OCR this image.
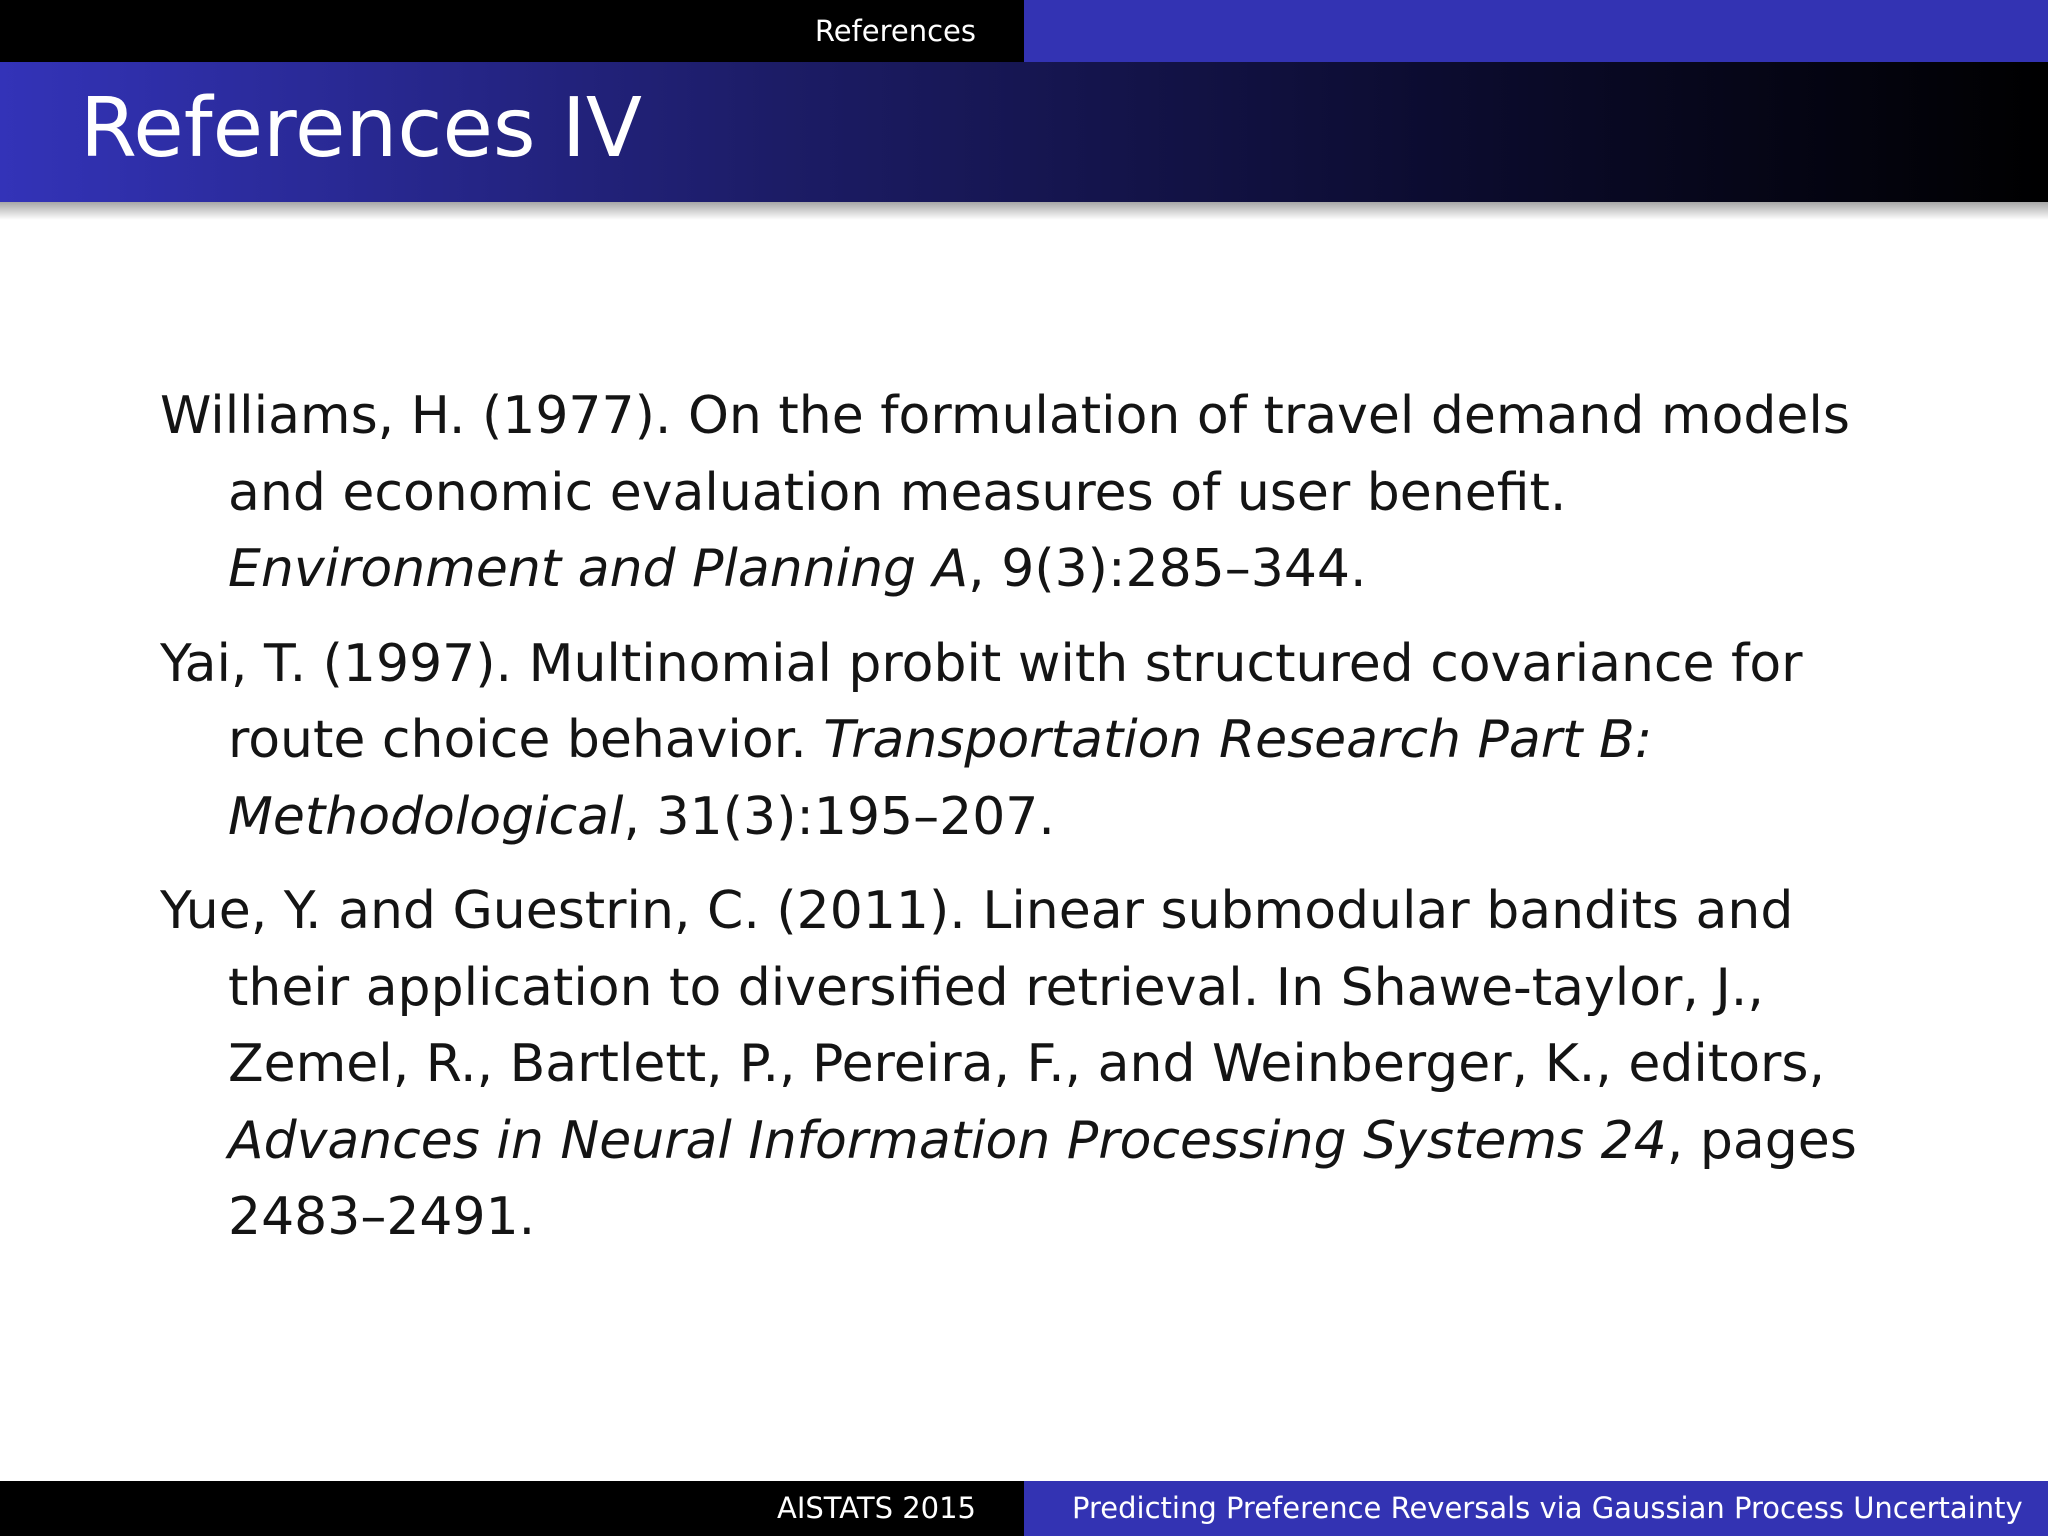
References
References IV

Williams, H. (1977). On the formulation of travel demand models and economic evaluation measures of user benefit. Environment and Planning A, 9(3):285–344.

Yai, T. (1997). Multinomial probit with structured covariance for route choice behavior. Transportation Research Part B: Methodological, 31(3):195–207.

Yue, Y. and Guestrin, C. (2011). Linear submodular bandits and their application to diversified retrieval. In Shawe-taylor, J., Zemel, R., Bartlett, P., Pereira, F., and Weinberger, K., editors, Advances in Neural Information Processing Systems 24, pages 2483–2491.

AISTATS 2015	Predicting Preference Reversals via Gaussian Process Uncertainty
